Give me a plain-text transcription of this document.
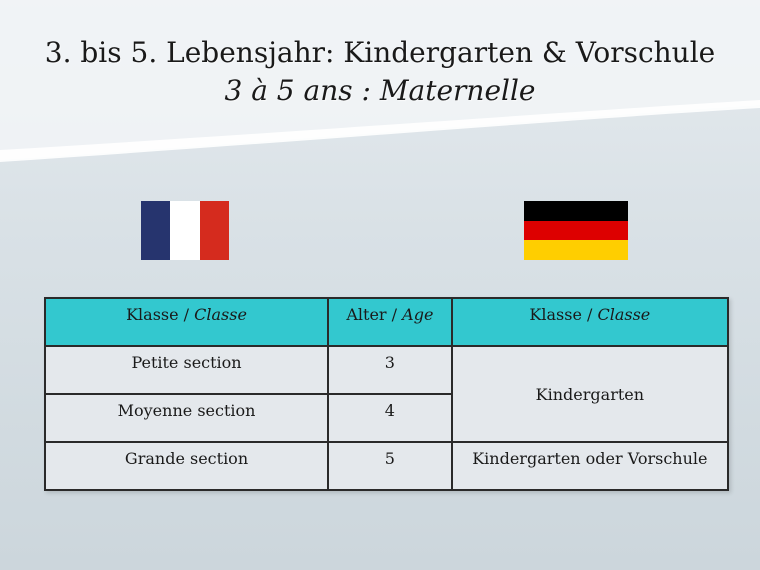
3. bis 5. Lebensjahr: Kindergarten & Vorschule
3 à 5 ans : Maternelle
Klasse / Classe	Alter / Age	Klasse / Classe
Petite section	3	Kindergarten
Moyenne section	4	
Grande section	5	Kindergarten oder Vorschule
